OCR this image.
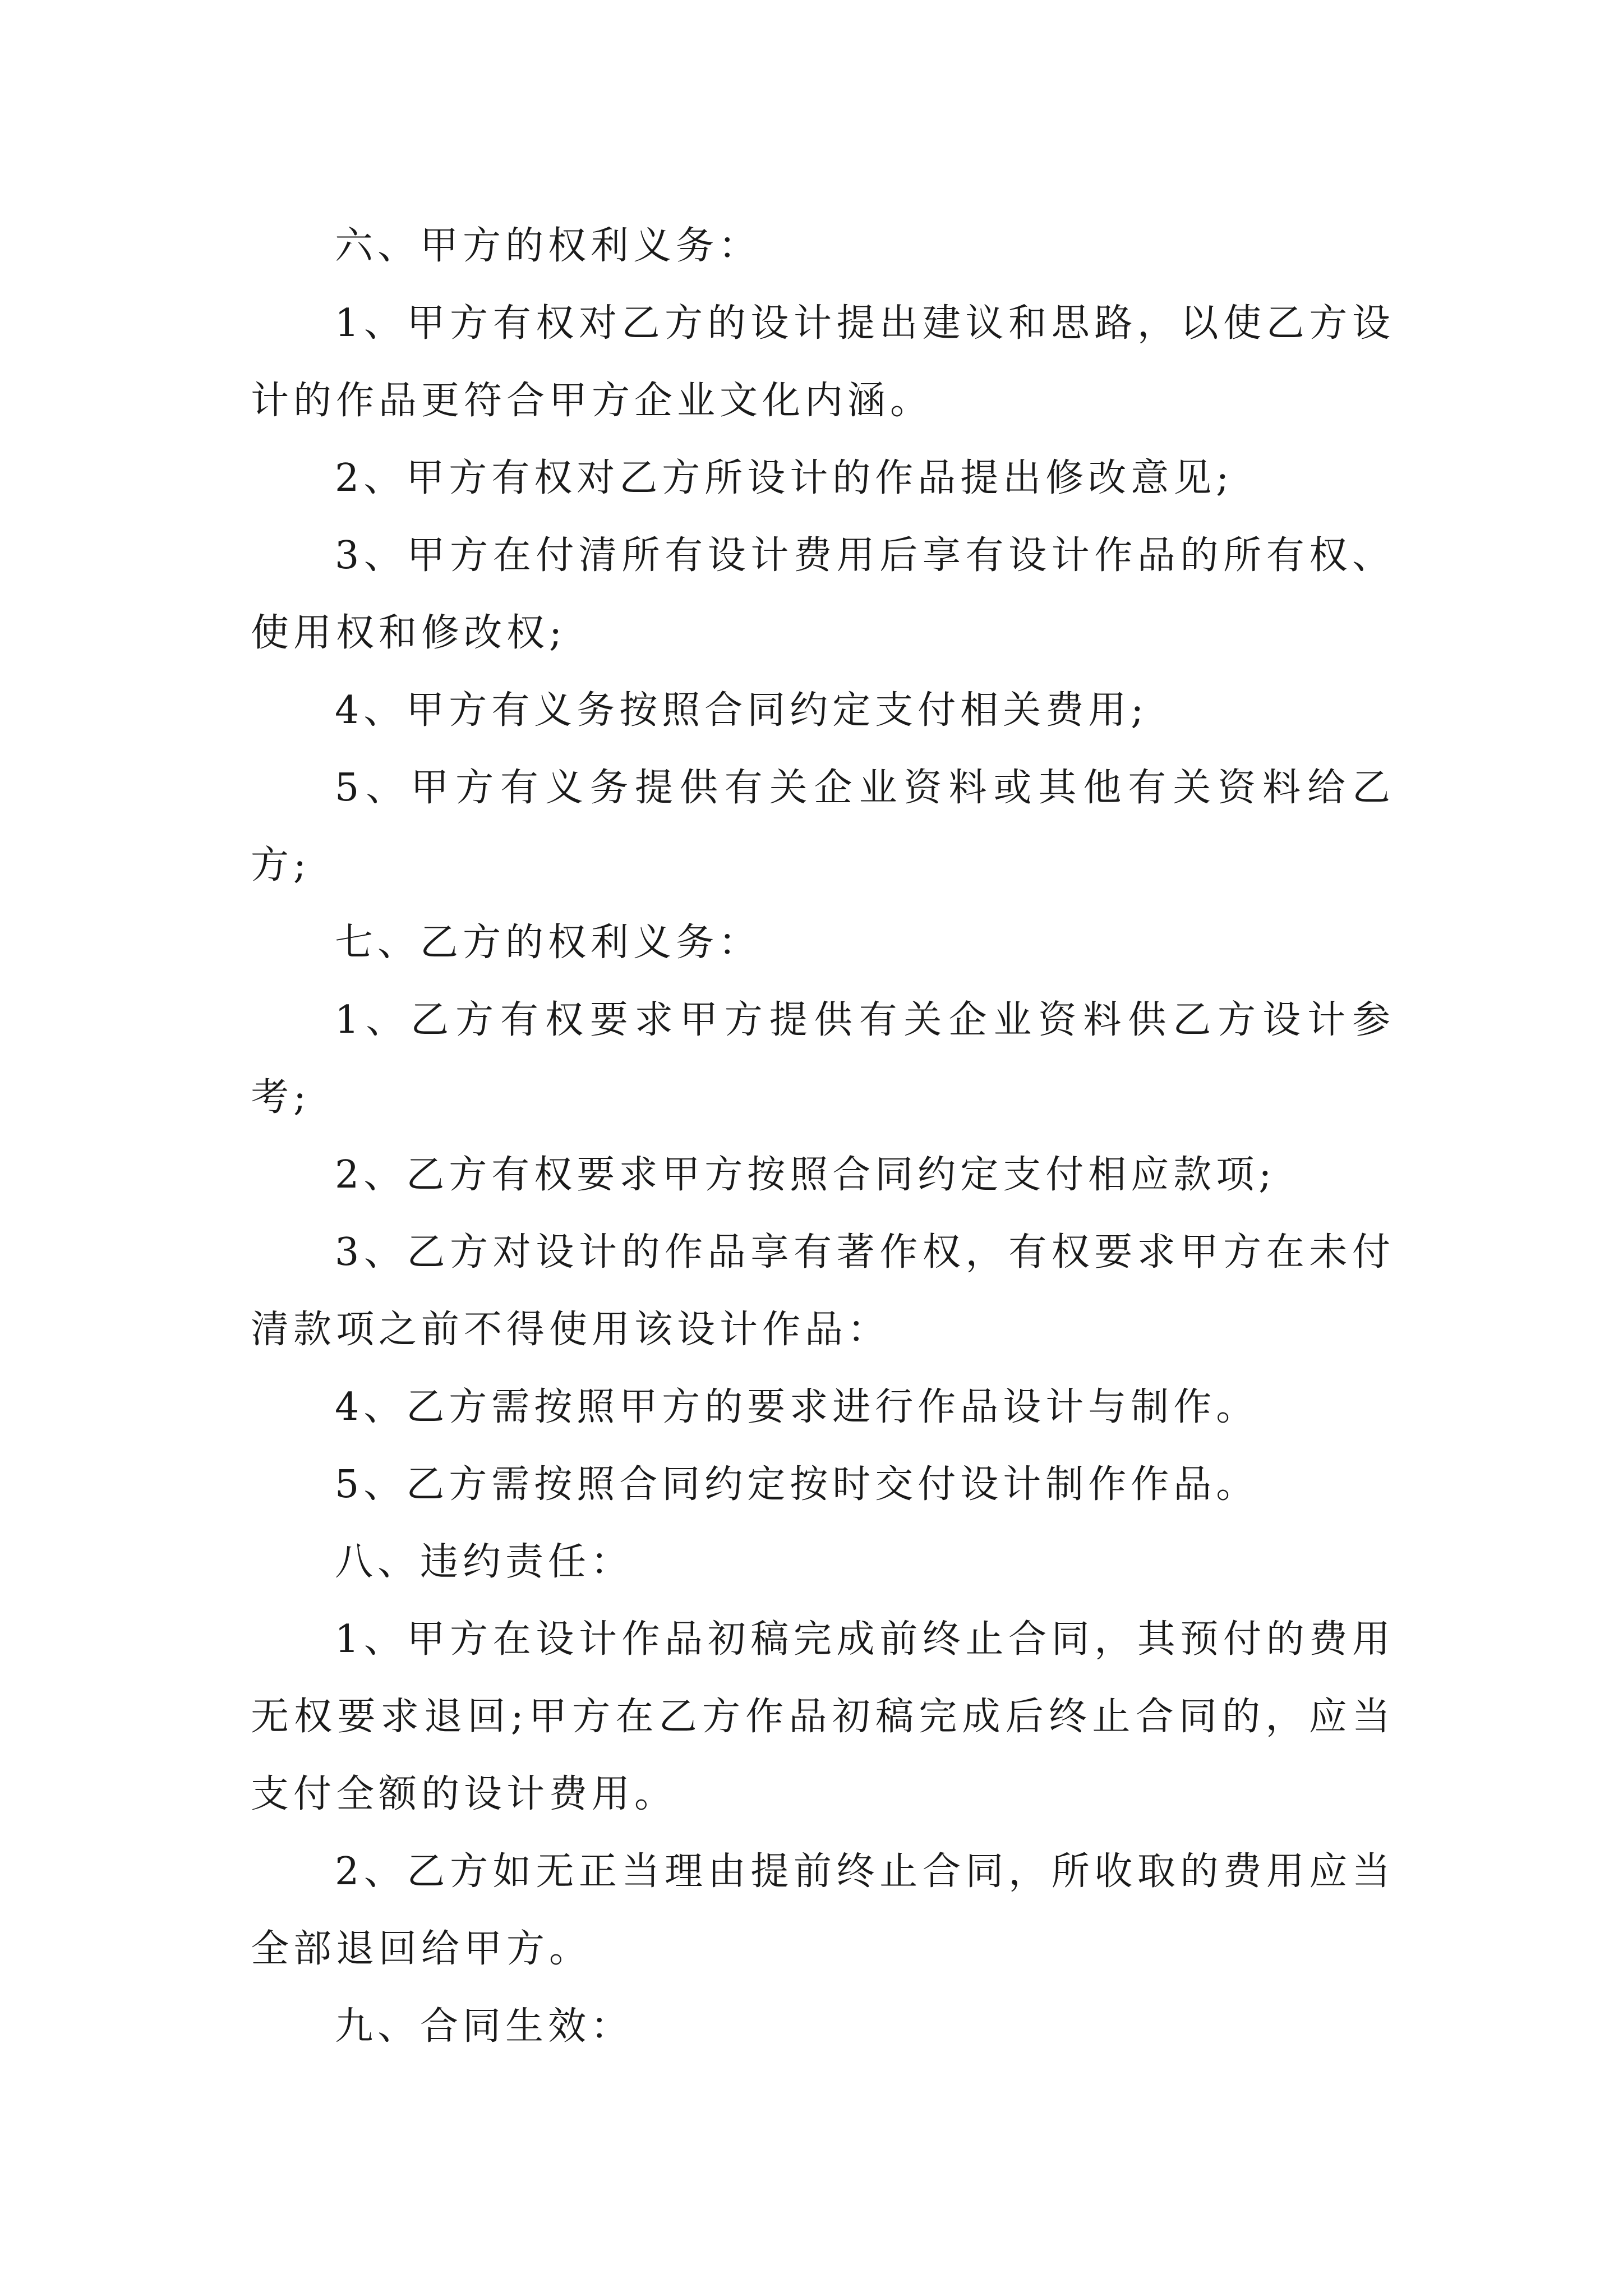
六、甲方的权利义务：

1、甲方有权对乙方的设计提出建议和思路，以使乙方设计的作品更符合甲方企业文化内涵。

2、甲方有权对乙方所设计的作品提出修改意见;

3、甲方在付清所有设计费用后享有设计作品的所有权、使用权和修改权;

4、甲方有义务按照合同约定支付相关费用;

5、甲方有义务提供有关企业资料或其他有关资料给乙方;

七、乙方的权利义务：

1、乙方有权要求甲方提供有关企业资料供乙方设计参考;

2、乙方有权要求甲方按照合同约定支付相应款项;

3、乙方对设计的作品享有著作权，有权要求甲方在未付清款项之前不得使用该设计作品：

4、乙方需按照甲方的要求进行作品设计与制作。

5、乙方需按照合同约定按时交付设计制作作品。

八、违约责任：

1、甲方在设计作品初稿完成前终止合同，其预付的费用无权要求退回;甲方在乙方作品初稿完成后终止合同的，应当支付全额的设计费用。

2、乙方如无正当理由提前终止合同，所收取的费用应当全部退回给甲方。

九、合同生效：
